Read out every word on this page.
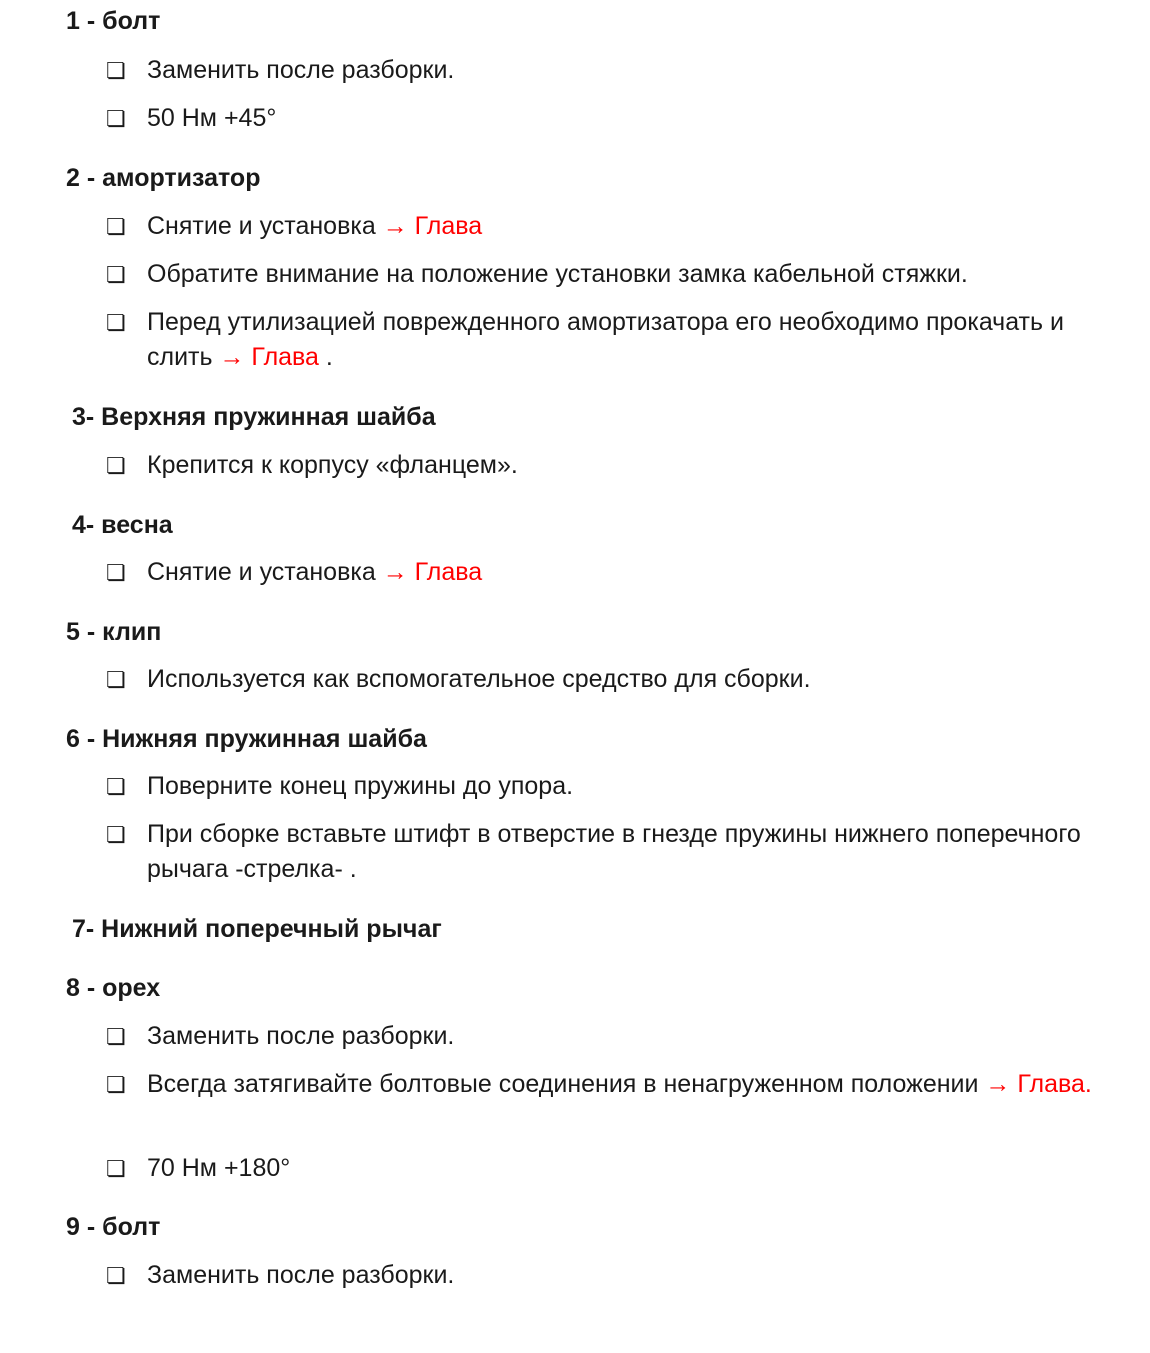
1 - болт
❏ Заменить после разборки.
❏ 50 Нм +45°
2 - амортизатор
❏ Снятие и установка → Глава
❏ Обратите внимание на положение установки замка кабельной стяжки.
❏ Перед утилизацией поврежденного амортизатора его необходимо прокачать и слить → Глава .
3- Верхняя пружинная шайба
❏ Крепится к корпусу «фланцем».
4- весна
❏ Снятие и установка → Глава
5 - клип
❏ Используется как вспомогательное средство для сборки.
6 - Нижняя пружинная шайба
❏ Поверните конец пружины до упора.
❏ При сборке вставьте штифт в отверстие в гнезде пружины нижнего поперечного рычага -стрелка- .
7- Нижний поперечный рычаг
8 - орех
❏ Заменить после разборки.
❏ Всегда затягивайте болтовые соединения в ненагруженном положении → Глава.
❏ 70 Нм +180°
9 - болт
❏ Заменить после разборки.
